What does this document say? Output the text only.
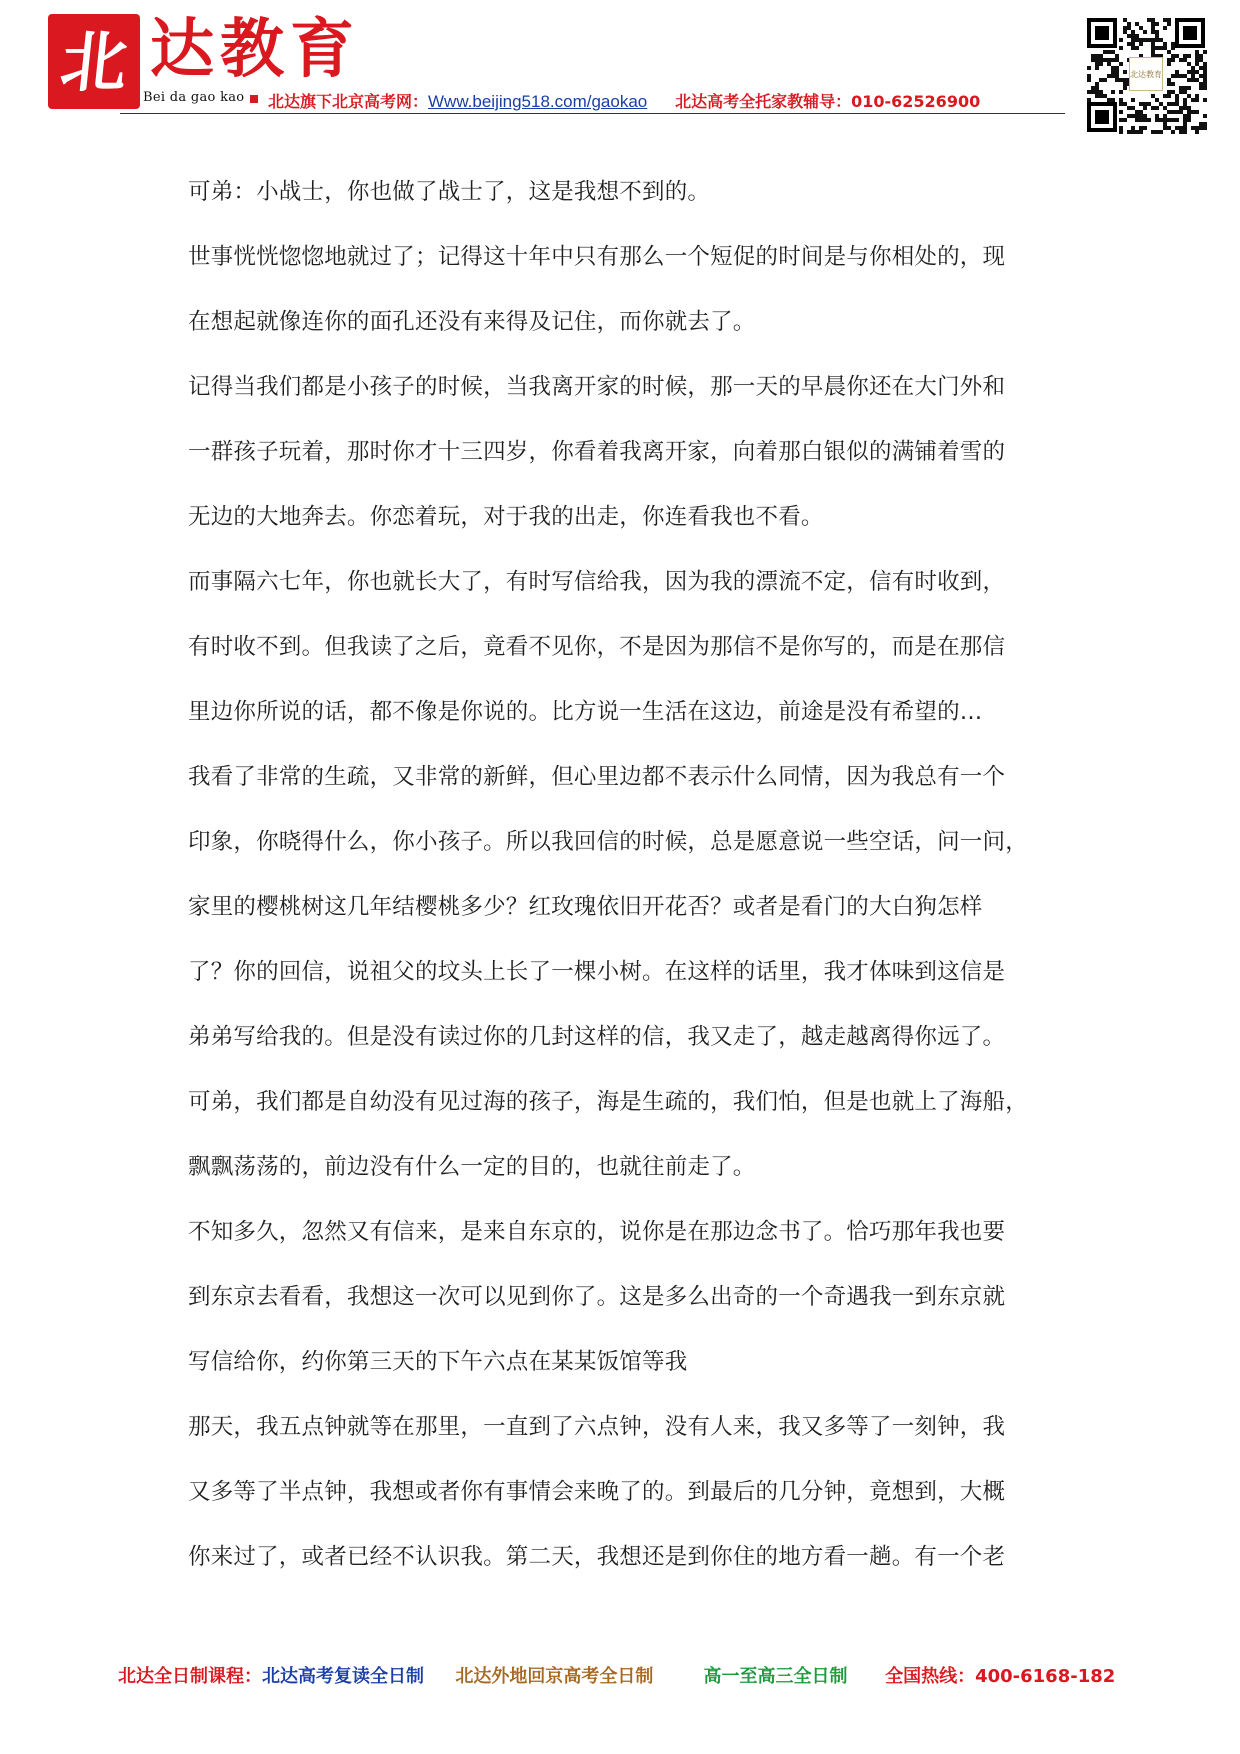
北 达教育
Bei da gao kao 北达旗下北京高考网：Www.beijing518.com/gaokao 北达高考全托家教辅导：010-62526900
北达教育

可弟：小战士，你也做了战士了，这是我想不到的。

世事恍恍惚惚地就过了；记得这十年中只有那么一个短促的时间是与你相处的，现

在想起就像连你的面孔还没有来得及记住，而你就去了。

记得当我们都是小孩子的时候，当我离开家的时候，那一天的早晨你还在大门外和

一群孩子玩着，那时你才十三四岁，你看着我离开家，向着那白银似的满铺着雪的

无边的大地奔去。你恋着玩，对于我的出走，你连看我也不看。

而事隔六七年，你也就长大了，有时写信给我，因为我的漂流不定，信有时收到，

有时收不到。但我读了之后，竟看不见你，不是因为那信不是你写的，而是在那信

里边你所说的话，都不像是你说的。比方说一生活在这边，前途是没有希望的…

我看了非常的生疏，又非常的新鲜，但心里边都不表示什么同情，因为我总有一个

印象，你晓得什么，你小孩子。所以我回信的时候，总是愿意说一些空话，问一问，

家里的樱桃树这几年结樱桃多少？红玫瑰依旧开花否？或者是看门的大白狗怎样

了？你的回信，说祖父的坟头上长了一棵小树。在这样的话里，我才体味到这信是

弟弟写给我的。但是没有读过你的几封这样的信，我又走了，越走越离得你远了。

可弟，我们都是自幼没有见过海的孩子，海是生疏的，我们怕，但是也就上了海船，

飘飘荡荡的，前边没有什么一定的目的，也就往前走了。

不知多久，忽然又有信来，是来自东京的，说你是在那边念书了。恰巧那年我也要

到东京去看看，我想这一次可以见到你了。这是多么出奇的一个奇遇我一到东京就

写信给你，约你第三天的下午六点在某某饭馆等我

那天，我五点钟就等在那里，一直到了六点钟，没有人来，我又多等了一刻钟，我

又多等了半点钟，我想或者你有事情会来晚了的。到最后的几分钟，竟想到，大概

你来过了，或者已经不认识我。第二天，我想还是到你住的地方看一趟。有一个老

北达全日制课程：北达高考复读全日制 北达外地回京高考全日制	高一至高三全日制 全国热线：400-6168-182
